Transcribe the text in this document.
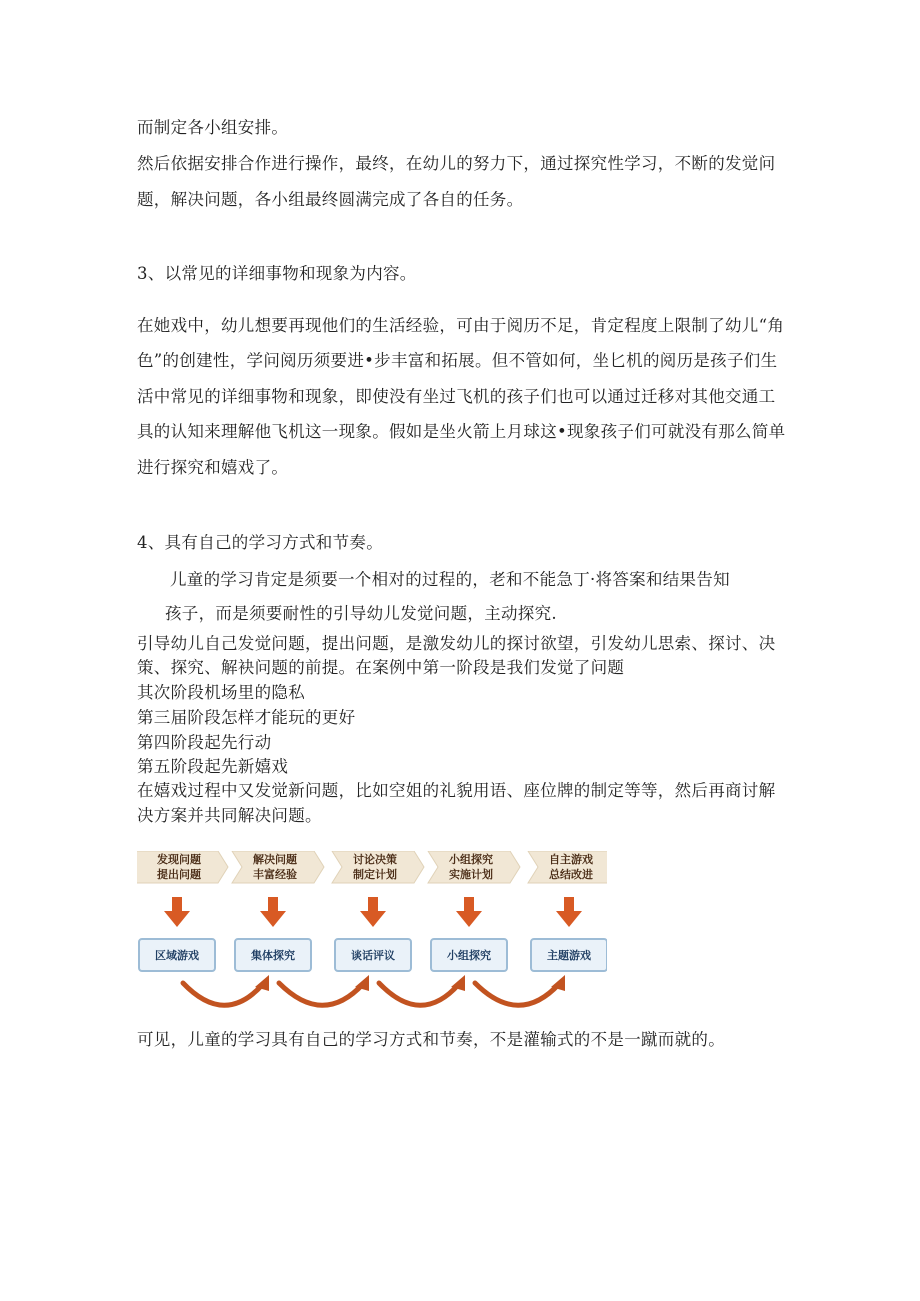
而制定各小组安排。
然后依据安排合作进行操作，最终，在幼儿的努力下，通过探究性学习，不断的发觉问
题，解决问题，各小组最终圆满完成了各自的任务。
3、以常见的详细事物和现象为内容。
在她戏中，幼儿想要再现他们的生活经验，可由于阅历不足，肯定程度上限制了幼儿“角
色”的创建性，学问阅历须要进•步丰富和拓展。但不管如何，坐匕机的阅历是孩子们生
活中常见的详细事物和现象，即使没有坐过飞机的孩子们也可以通过迁移对其他交通工
具的认知来理解他飞机这一现象。假如是坐火箭上月球这•现象孩子们可就没有那么简单
进行探究和嬉戏了。
4、具有自己的学习方式和节奏。
儿童的学习肯定是须要一个相对的过程的，老和不能急丁·将答案和结果告知
孩子，而是须要耐性的引导幼儿发觉问题，主动探究.
引导幼儿自己发觉问题，提出问题，是激发幼儿的探讨欲望，引发幼儿思索、探讨、决
策、探究、解袂问题的前提。在案例中第一阶段是我们发觉了问题
其次阶段机场里的隐私
第三届阶段怎样才能玩的更好
第四阶段起先行动
第五阶段起先新嬉戏
在嬉戏过程中又发觉新问题，比如空姐的礼貌用语、座位牌的制定等等，然后再商讨解
决方案并共同解决问题。
发现问题
提出问题
解决问题
丰富经验
讨论决策
制定计划
小组探究
实施计划
自主游戏
总结改进
区域游戏	集体探究	谈话评议	小组探究	主题游戏
可见，儿童的学习具有自己的学习方式和节奏，不是灌输式的不是一蹴而就的。
